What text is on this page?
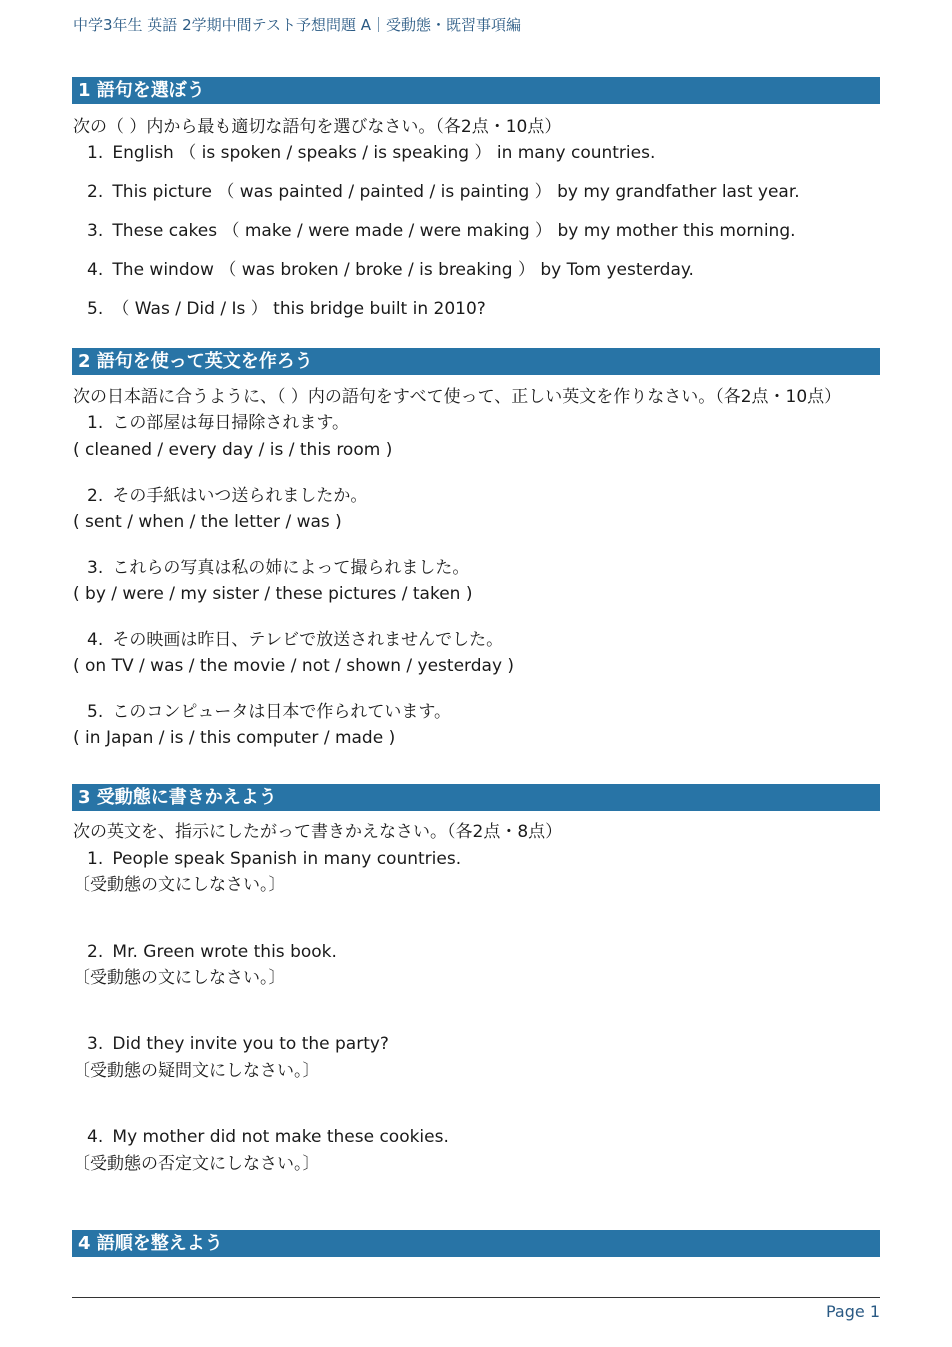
中学3年生 英語 2学期中間テスト予想問題 A｜受動態・既習事項編
1 語句を選ぼう
次の（ ）内から最も適切な語句を選びなさい。（各2点・10点）
1. English （ is spoken / speaks / is speaking ） in many countries.
2. This picture （ was painted / painted / is painting ） by my grandfather last year.
3. These cakes （ make / were made / were making ） by my mother this morning.
4. The window （ was broken / broke / is breaking ） by Tom yesterday.
5. （ Was / Did / Is ） this bridge built in 2010?
2 語句を使って英文を作ろう
次の日本語に合うように、（ ）内の語句をすべて使って、正しい英文を作りなさい。（各2点・10点）
1. この部屋は毎日掃除されます。
( cleaned / every day / is / this room )
2. その手紙はいつ送られましたか。
( sent / when / the letter / was )
3. これらの写真は私の姉によって撮られました。
( by / were / my sister / these pictures / taken )
4. その映画は昨日、テレビで放送されませんでした。
( on TV / was / the movie / not / shown / yesterday )
5. このコンピュータは日本で作られています。
( in Japan / is / this computer / made )
3 受動態に書きかえよう
次の英文を、指示にしたがって書きかえなさい。（各2点・8点）
1. People speak Spanish in many countries.
〔受動態の文にしなさい。〕
2. Mr. Green wrote this book.
〔受動態の文にしなさい。〕
3. Did they invite you to the party?
〔受動態の疑問文にしなさい。〕
4. My mother did not make these cookies.
〔受動態の否定文にしなさい。〕
4 語順を整えよう
Page 1
